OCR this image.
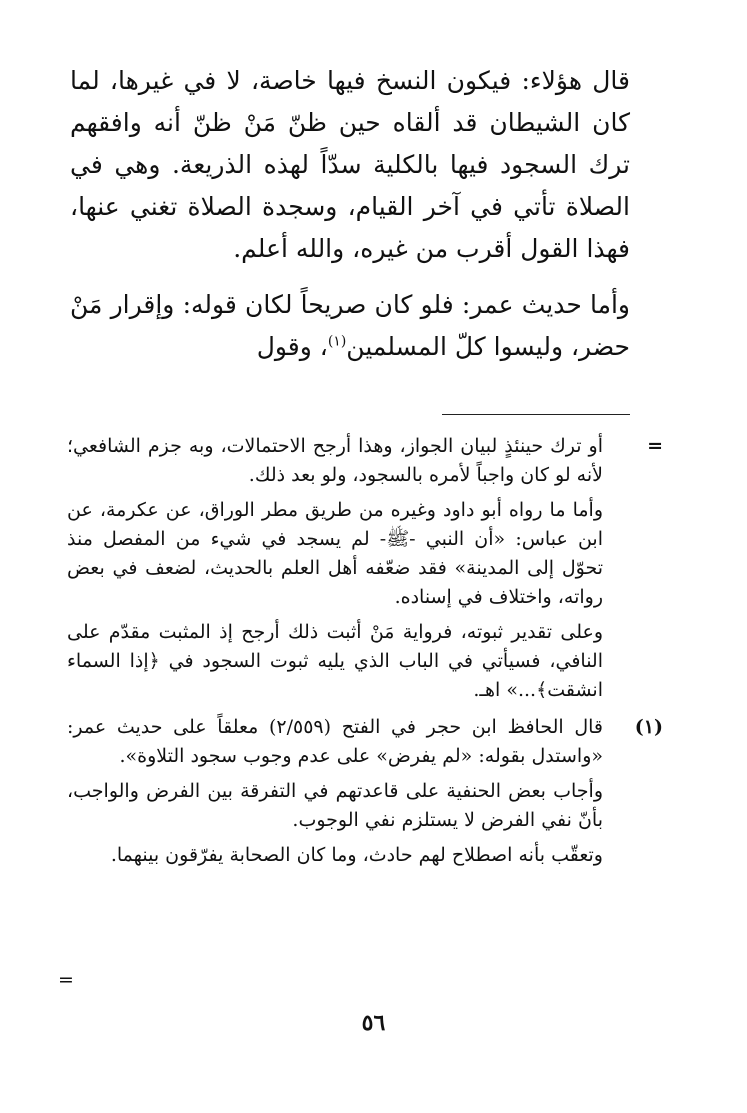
قال هؤلاء: فيكون النسخ فيها خاصة، لا في غيرها، لما كان الشيطان قد ألقاه حين ظنّ مَنْ ظنّ أنه وافقهم ترك السجود فيها بالكلية سدّاً لهذه الذريعة. وهي في الصلاة تأتي في آخر القيام، وسجدة الصلاة تغني عنها، فهذا القول أقرب من غيره، والله أعلم.

وأما حديث عمر: فلو كان صريحاً لكان قوله: وإقرار مَنْ حضر، وليسوا كلّ المسلمين$^{(١)}$، وقول

=

أو ترك حينئذٍ لبيان الجواز، وهذا أرجح الاحتمالات، وبه جزم الشافعي؛ لأنه لو كان واجباً لأمره بالسجود، ولو بعد ذلك.

وأما ما رواه أبو داود وغيره من طريق مطر الوراق، عن عكرمة، عن ابن عباس: «أن النبي -ﷺ- لم يسجد في شيء من المفصل منذ تحوّل إلى المدينة» فقد ضعّفه أهل العلم بالحديث، لضعف في بعض رواته، واختلاف في إسناده.

وعلى تقدير ثبوته، فرواية مَنْ أثبت ذلك أرجح إذ المثبت مقدّم على النافي، فسيأتي في الباب الذي يليه ثبوت السجود في ﴿إذا السماء انشقت﴾...» اهـ.

(١)

قال الحافظ ابن حجر في الفتح (٢/٥٥٩) معلقاً على حديث عمر: «واستدل بقوله: «لم يفرض» على عدم وجوب سجود التلاوة».

وأجاب بعض الحنفية على قاعدتهم في التفرقة بين الفرض والواجب، بأنّ نفي الفرض لا يستلزم نفي الوجوب.

وتعقّب بأنه اصطلاح لهم حادث، وما كان الصحابة يفرّقون بينهما.

=
٥٦
